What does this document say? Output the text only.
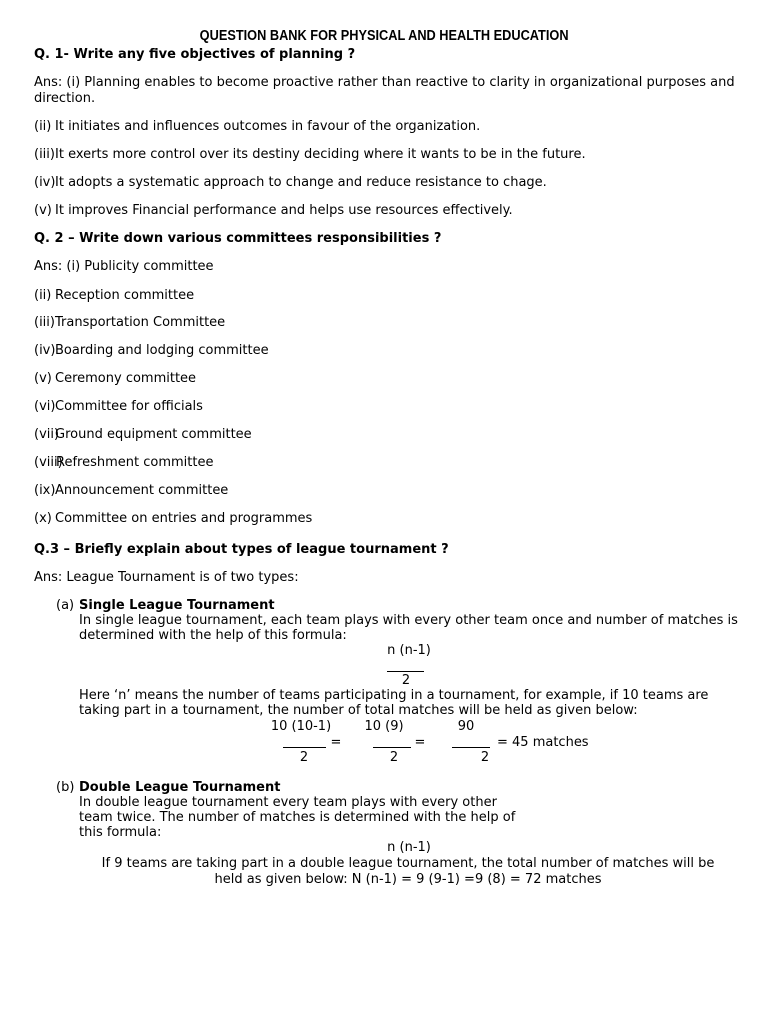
QUESTION BANK FOR PHYSICAL AND HEALTH EDUCATION
Q. 1- Write any five objectives of planning ?
Ans: (i) Planning enables to become proactive rather than reactive to clarity in organizational purposes and
direction.
(ii) It initiates and influences outcomes in favour of the organization.
(iii)It exerts more control over its destiny deciding where it wants to be in the future.
(iv)It adopts a systematic approach to change and reduce resistance to chage.
(v) It improves Financial performance and helps use resources effectively.
Q. 2 – Write down various committees responsibilities ?
Ans: (i) Publicity committee
(ii) Reception committee
(iii)Transportation Committee
(iv)Boarding and lodging committee
(v) Ceremony committee
(vi)Committee for officials
(vii)Ground equipment committee
(viii)Refreshment committee
(ix)Announcement committee
(x) Committee on entries and programmes
Q.3 – Briefly explain about types of league tournament ?
Ans: League Tournament is of two types:
(a) Single League Tournament
In single league tournament, each team plays with every other team once and number of matches is
determined with the help of this formula:
n (n-1)
2
Here ‘n’ means the number of teams participating in a tournament, for example, if 10 teams are
taking part in a tournament, the number of total matches will be held as given below:
10 (10-1)
2
=
10 (9)
2
=
90
2
= 45 matches
(b) Double League Tournament
In double league tournament every team plays with every other
team twice. The number of matches is determined with the help of
this formula:
n (n-1)
If 9 teams are taking part in a double league tournament, the total number of matches will be
held as given below: N (n-1) = 9 (9-1) =9 (8) = 72 matches
